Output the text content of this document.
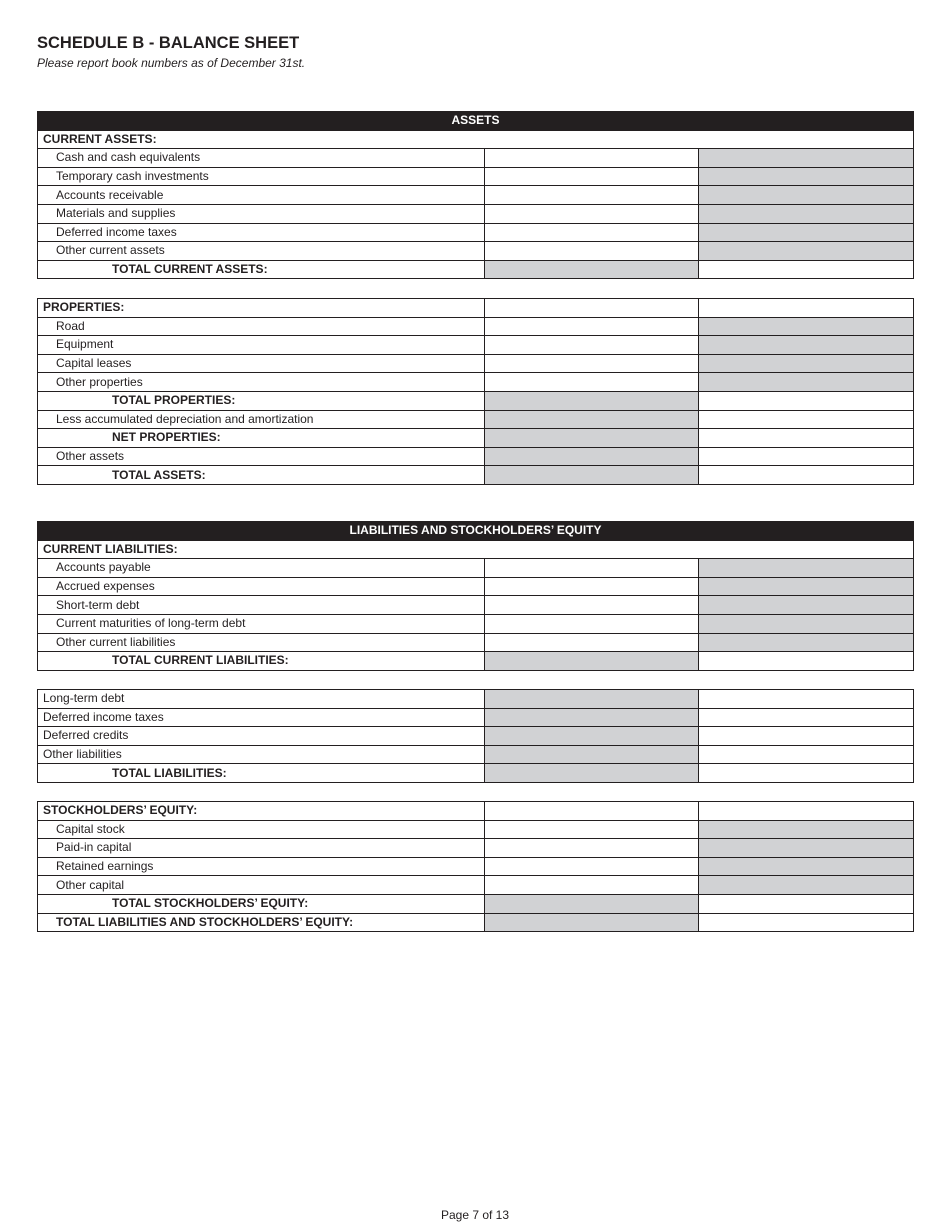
SCHEDULE B - BALANCE SHEET

Please report book numbers as of December 31st.

ASSETS		
CURRENT ASSETS:		
Cash and cash equivalents		
Temporary cash investments		
Accounts receivable		
Materials and supplies		
Deferred income taxes		
Other current assets		
TOTAL CURRENT ASSETS:		
PROPERTIES:		
Road		
Equipment		
Capital leases		
Other properties		
TOTAL PROPERTIES:		
Less accumulated depreciation and amortization		
NET PROPERTIES:		
Other assets		
TOTAL ASSETS:		
LIABILITIES AND STOCKHOLDERS’ EQUITY		
CURRENT LIABILITIES:		
Accounts payable		
Accrued expenses		
Short-term debt		
Current maturities of long-term debt		
Other current liabilities		
TOTAL CURRENT LIABILITIES:		
Long-term debt		
Deferred income taxes		
Deferred credits		
Other liabilities		
TOTAL LIABILITIES:		
STOCKHOLDERS’ EQUITY:		
Capital stock		
Paid-in capital		
Retained earnings		
Other capital		
TOTAL STOCKHOLDERS’ EQUITY:		
TOTAL LIABILITIES AND STOCKHOLDERS’ EQUITY:		
Page 7 of 13
